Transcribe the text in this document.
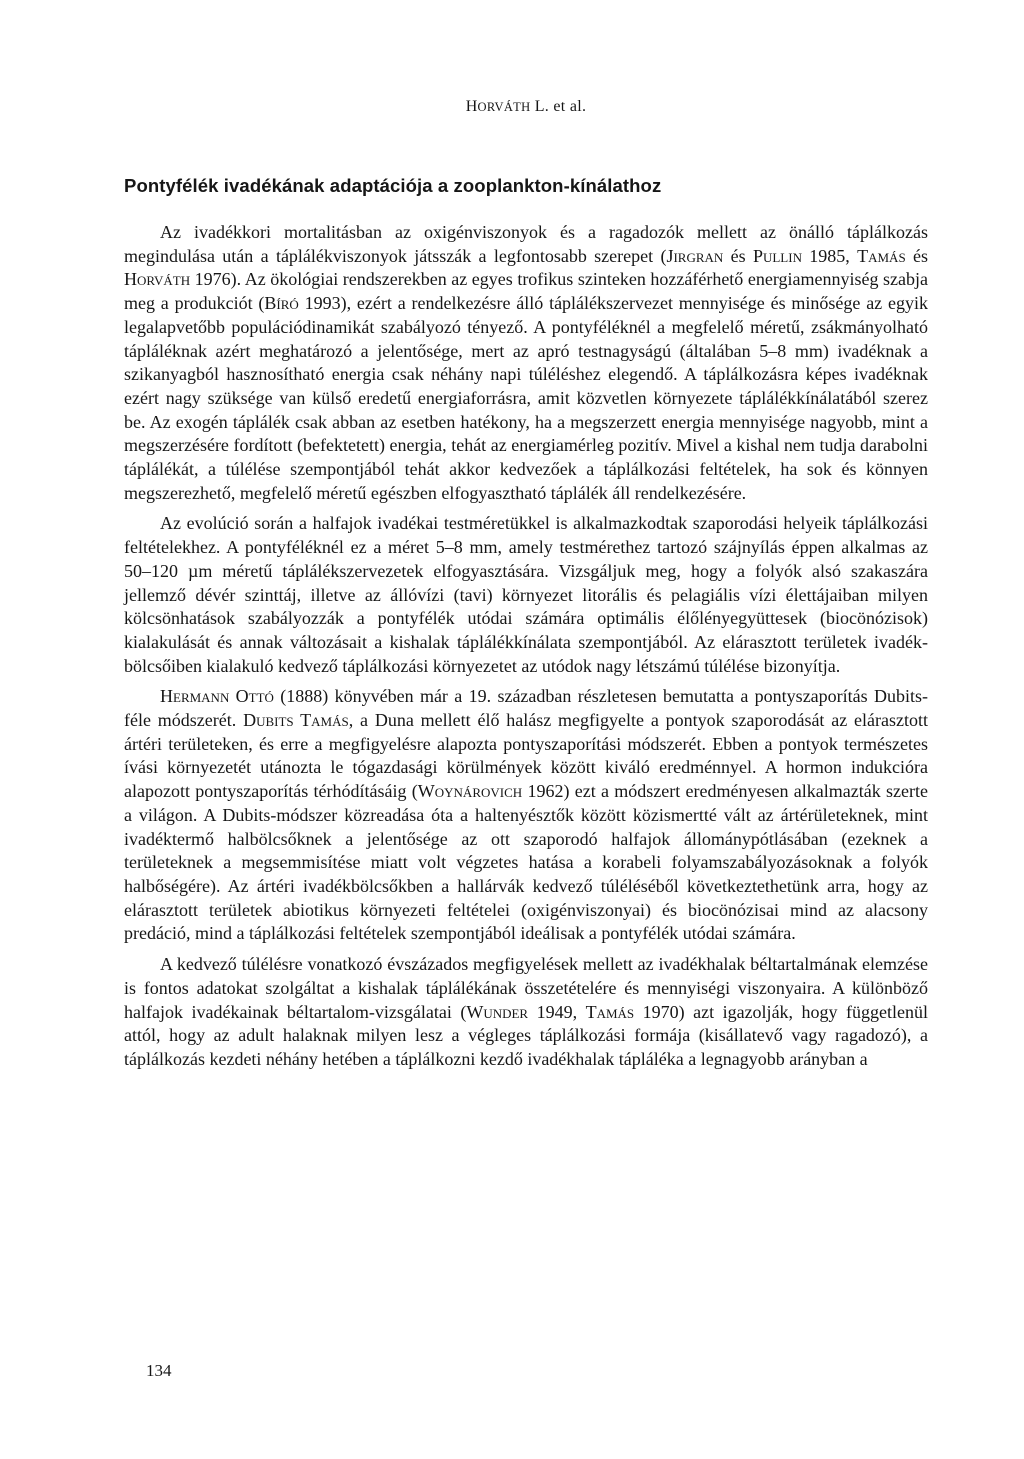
HORVÁTH L. et al.
Pontyfélék ivadékának adaptációja a zooplankton-kínálathoz

Az ivadékkori mortalitásban az oxigénviszonyok és a ragadozók mellett az önálló táplálkozás megindulása után a táplálékviszonyok játsszák a legfontosabb szerepet (Jirgran és Pullin 1985, Tamás és Horváth 1976). Az ökológiai rendszerekben az egyes trofikus szinteken hozzáférhető energiamennyiség szabja meg a produkciót (Bíró 1993), ezért a rendelkezésre álló táplálékszervezet mennyisége és minősége az egyik legalapvetőbb populációdinamikát szabályozó tényező. A pontyféléknél a megfelelő méretű, zsákmányolható tápláléknak azért meghatározó a jelentősége, mert az apró testnagyságú (általában 5–8 mm) ivadéknak a szikanyagból hasznosítható energia csak néhány napi túléléshez elegendő. A táplálkozásra képes ivadéknak ezért nagy szüksége van külső eredetű energiaforrásra, amit közvetlen környezete táplálékkínálatából szerez be. Az exogén táplálék csak abban az esetben hatékony, ha a megszerzett energia mennyisége nagyobb, mint a megszerzésére fordított (befektetett) energia, tehát az energiamérleg pozitív. Mivel a kishal nem tudja darabolni táplálékát, a túlélése szempontjából tehát akkor kedvezőek a táplálkozási feltételek, ha sok és könnyen megszerezhető, megfelelő méretű egészben elfogyasztható táplálék áll rendelkezésére.

Az evolúció során a halfajok ivadékai testméretükkel is alkalmazkodtak szaporodási helyeik táplálkozási feltételekhez. A pontyféléknél ez a méret 5–8 mm, amely testmérethez tartozó szájnyílás éppen alkalmas az 50–120 µm méretű táplálékszervezetek elfogyasztására. Vizsgáljuk meg, hogy a folyók alsó szakaszára jellemző dévér szinttáj, illetve az állóvízi (tavi) környezet litorális és pelagiális vízi élettájaiban milyen kölcsönhatások szabályozzák a pontyfélék utódai számára optimális élőlényegyüttesek (biocönózisok) kialakulását és annak változásait a kishalak táplálékkínálata szempontjából. Az elárasztott területek ivadékbölcsőiben kialakuló kedvező táplálkozási környezetet az utódok nagy létszámú túlélése bizonyítja.

Hermann Ottó (1888) könyvében már a 19. században részletesen bemutatta a pontyszaporítás Dubits-féle módszerét. Dubits Tamás, a Duna mellett élő halász megfigyelte a pontyok szaporodását az elárasztott ártéri területeken, és erre a megfigyelésre alapozta pontyszaporítási módszerét. Ebben a pontyok természetes ívási környezetét utánozta le tógazdasági körülmények között kiváló eredménnyel. A hormon indukcióra alapozott pontyszaporítás térhódításáig (Woynárovich 1962) ezt a módszert eredményesen alkalmazták szerte a világon. A Dubits-módszer közreadása óta a haltenyésztők között közismertté vált az ártérületeknek, mint ivadéktermő halbölcsőknek a jelentősége az ott szaporodó halfajok állománypótlásában (ezeknek a területeknek a megsemmisítése miatt volt végzetes hatása a korabeli folyamszabályozásoknak a folyók halbőségére). Az ártéri ivadékbölcsőkben a hallárvák kedvező túléléséből következtethetünk arra, hogy az elárasztott területek abiotikus környezeti feltételei (oxigénviszonyai) és biocönózisai mind az alacsony predáció, mind a táplálkozási feltételek szempontjából ideálisak a pontyfélék utódai számára.

A kedvező túlélésre vonatkozó évszázados megfigyelések mellett az ivadékhalak béltartalmának elemzése is fontos adatokat szolgáltat a kishalak táplálékának összetételére és mennyiségi viszonyaira. A különböző halfajok ivadékainak béltartalom-vizsgálatai (Wunder 1949, Tamás 1970) azt igazolják, hogy függetlenül attól, hogy az adult halaknak milyen lesz a végleges táplálkozási formája (kisállatevő vagy ragadozó), a táplálkozás kezdeti néhány hetében a táplálkozni kezdő ivadékhalak tápláléka a legnagyobb arányban a

134
